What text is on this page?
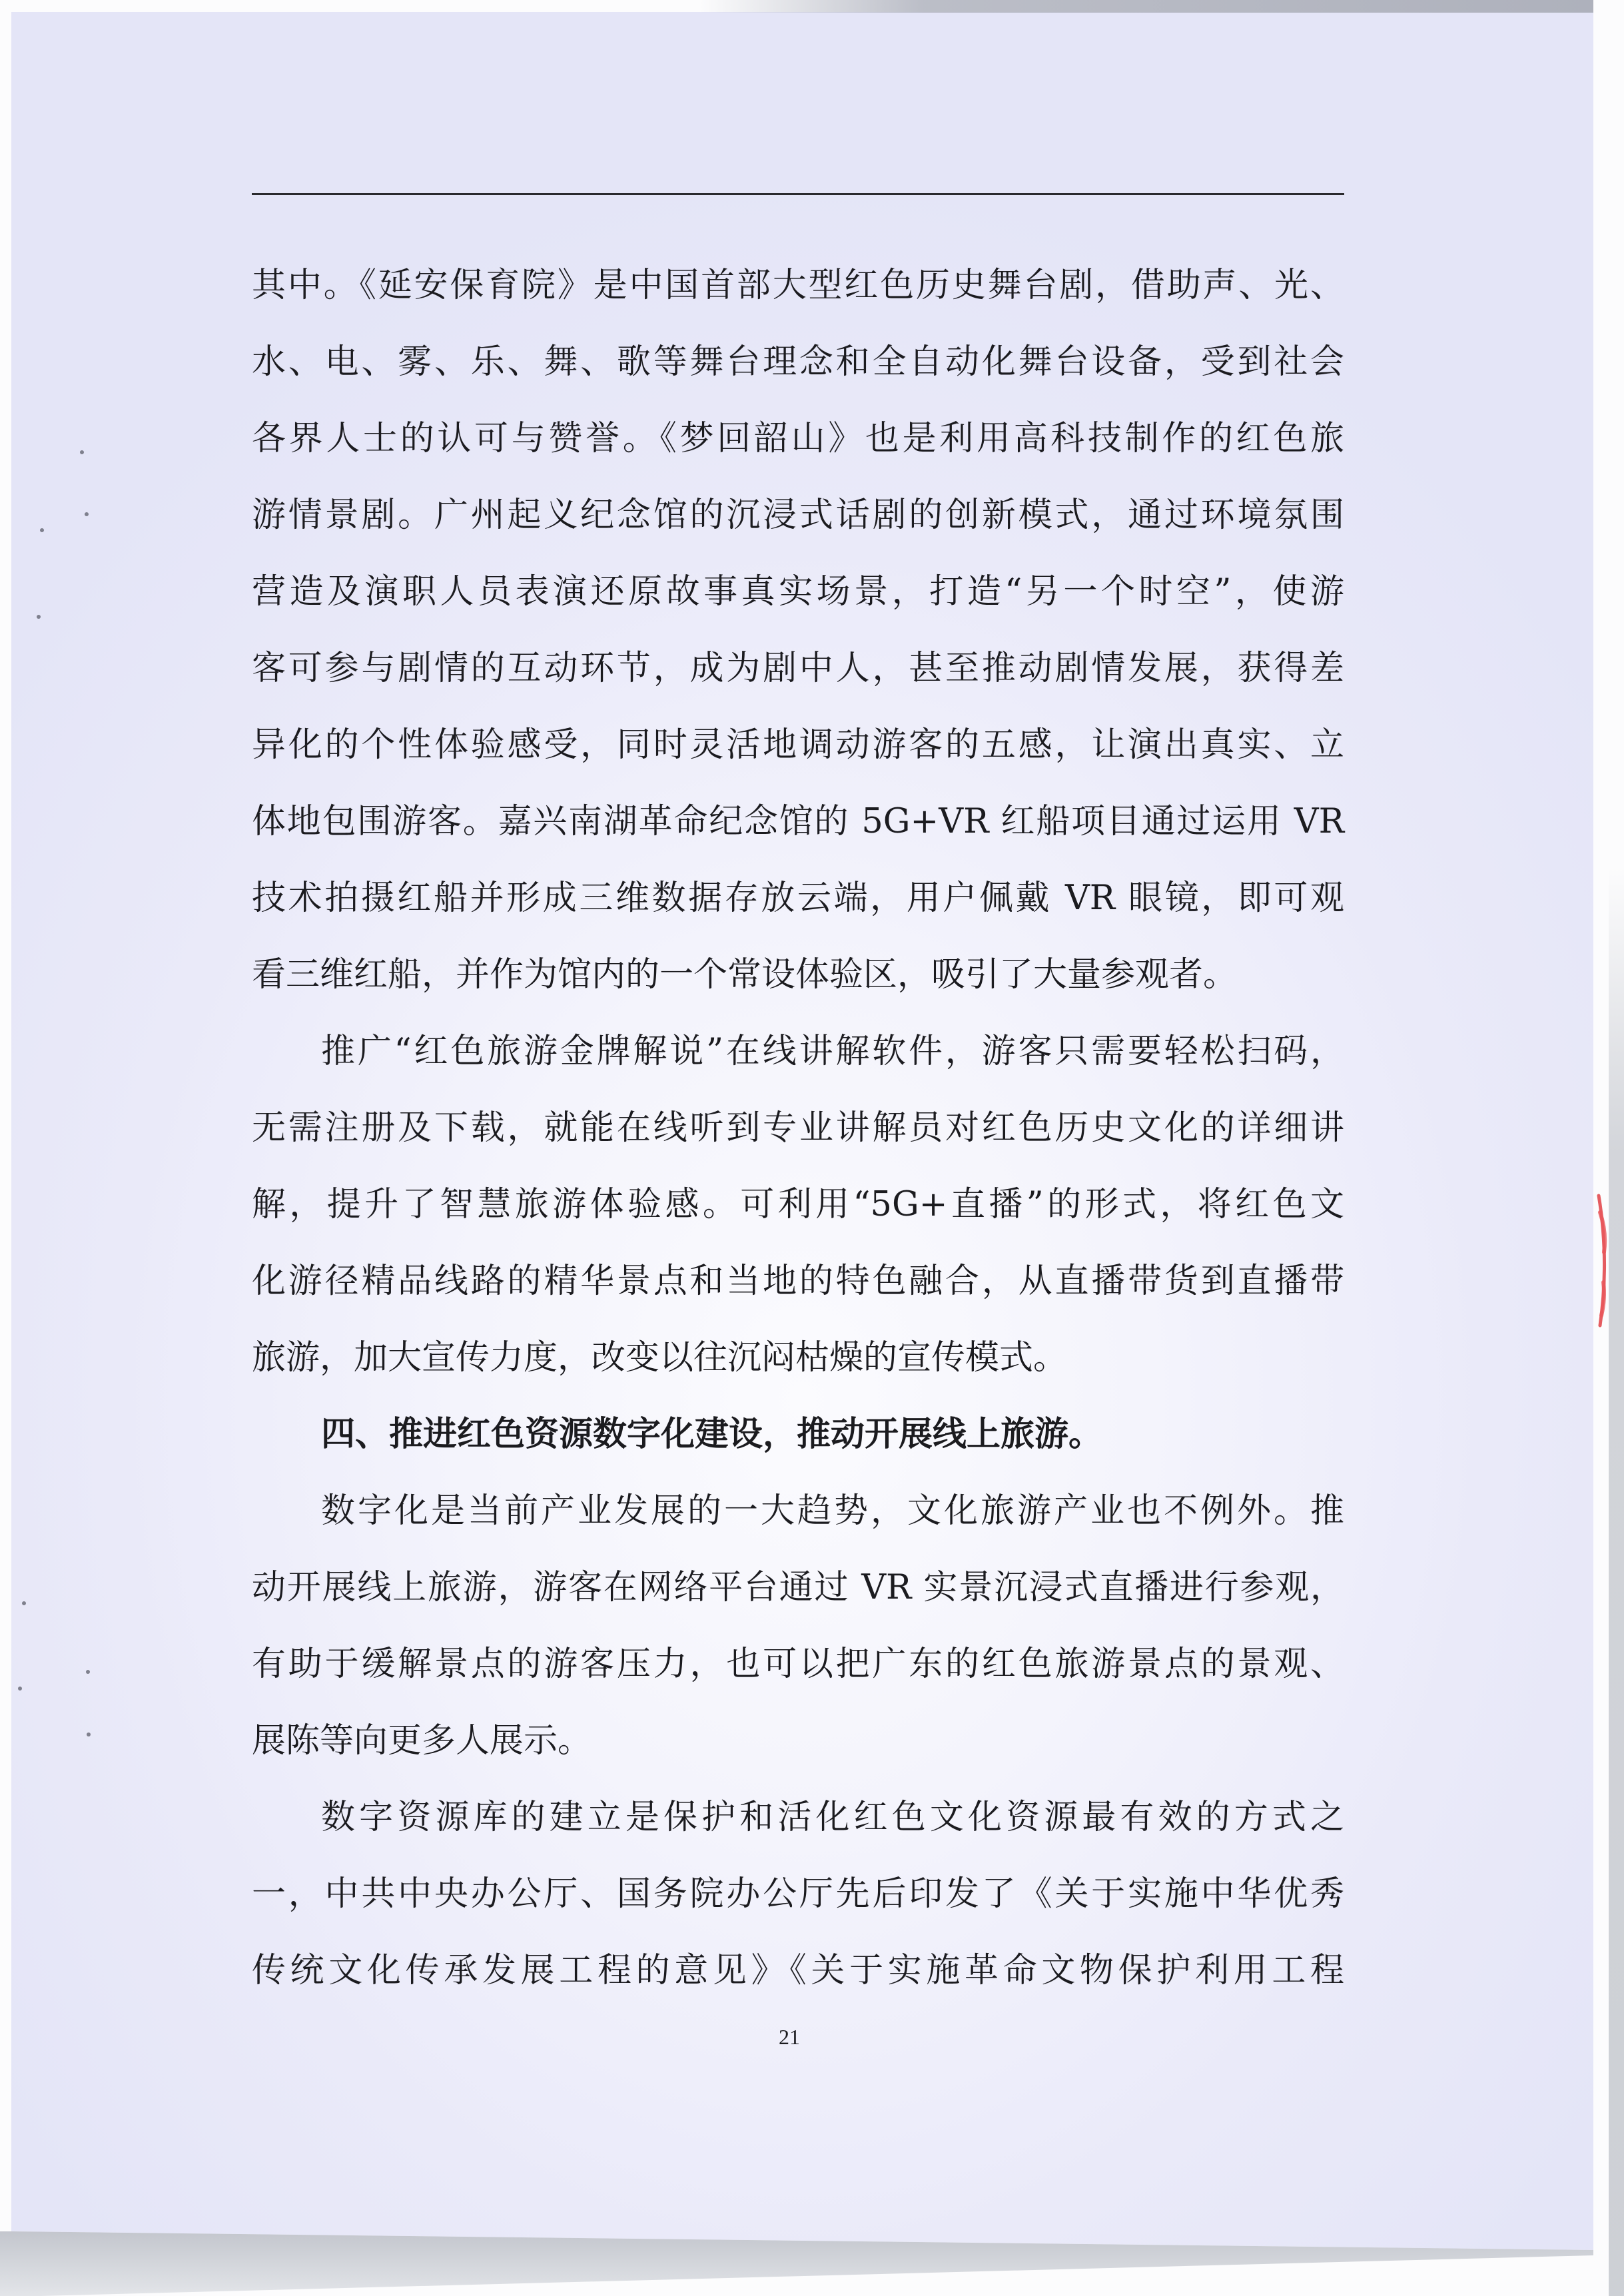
其中。《延安保育院》是中国首部大型红色历史舞台剧，借助声、光、
水、电、雾、乐、舞、歌等舞台理念和全自动化舞台设备，受到社会
各界人士的认可与赞誉。《梦回韶山》也是利用高科技制作的红色旅
游情景剧。广州起义纪念馆的沉浸式话剧的创新模式，通过环境氛围
营造及演职人员表演还原故事真实场景，打造“另一个时空”，使游
客可参与剧情的互动环节，成为剧中人，甚至推动剧情发展，获得差
异化的个性体验感受，同时灵活地调动游客的五感，让演出真实、立
体地包围游客。嘉兴南湖革命纪念馆的 5G+VR 红船项目通过运用 VR
技术拍摄红船并形成三维数据存放云端，用户佩戴 VR 眼镜，即可观
看三维红船，并作为馆内的一个常设体验区，吸引了大量参观者。
推广“红色旅游金牌解说”在线讲解软件，游客只需要轻松扫码，
无需注册及下载，就能在线听到专业讲解员对红色历史文化的详细讲
解，提升了智慧旅游体验感。可利用“5G+直播”的形式，将红色文
化游径精品线路的精华景点和当地的特色融合，从直播带货到直播带
旅游，加大宣传力度，改变以往沉闷枯燥的宣传模式。
四、推进红色资源数字化建设，推动开展线上旅游。
数字化是当前产业发展的一大趋势，文化旅游产业也不例外。推
动开展线上旅游，游客在网络平台通过 VR 实景沉浸式直播进行参观，
有助于缓解景点的游客压力，也可以把广东的红色旅游景点的景观、
展陈等向更多人展示。
数字资源库的建立是保护和活化红色文化资源最有效的方式之
一，中共中央办公厅、国务院办公厅先后印发了《关于实施中华优秀
传统文化传承发展工程的意见》《关于实施革命文物保护利用工程
21
